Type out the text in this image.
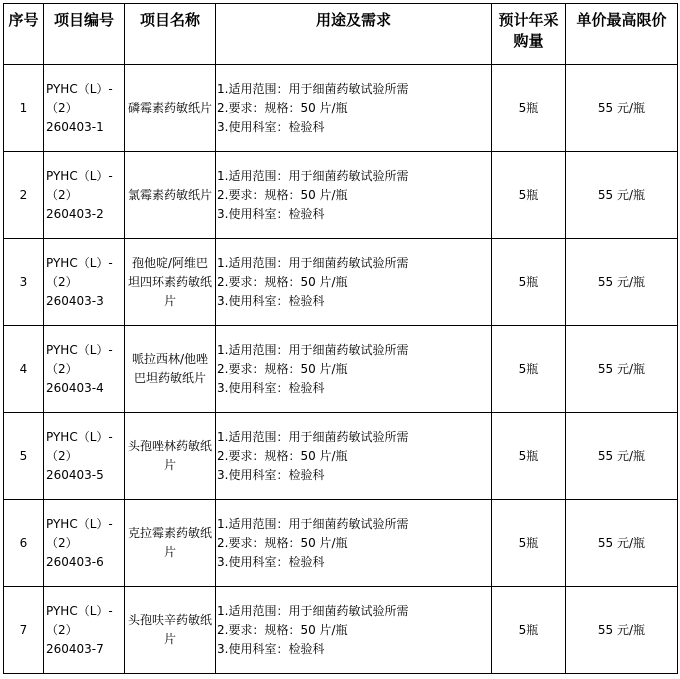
序号	项目编号	项目名称	用途及需求	预计年采购量	单价最高限价
1	PYHC（L）-
（2）
260403-1	磷霉素药敏纸片	1.适用范围：用于细菌药敏试验所需
2.要求：规格：50 片/瓶
3.使用科室：检验科	5瓶	55 元/瓶
2	PYHC（L）-
（2）
260403-2	氯霉素药敏纸片	1.适用范围：用于细菌药敏试验所需
2.要求：规格：50 片/瓶
3.使用科室：检验科	5瓶	55 元/瓶
3	PYHC（L）-
（2）
260403-3	孢他啶/阿维巴坦四环素药敏纸片	1.适用范围：用于细菌药敏试验所需
2.要求：规格：50 片/瓶
3.使用科室：检验科	5瓶	55 元/瓶
4	PYHC（L）-
（2）
260403-4	哌拉西林/他唑巴坦药敏纸片	1.适用范围：用于细菌药敏试验所需
2.要求：规格：50 片/瓶
3.使用科室：检验科	5瓶	55 元/瓶
5	PYHC（L）-
（2）
260403-5	头孢唑林药敏纸片	1.适用范围：用于细菌药敏试验所需
2.要求：规格：50 片/瓶
3.使用科室：检验科	5瓶	55 元/瓶
6	PYHC（L）-
（2）
260403-6	克拉霉素药敏纸片	1.适用范围：用于细菌药敏试验所需
2.要求：规格：50 片/瓶
3.使用科室：检验科	5瓶	55 元/瓶
7	PYHC（L）-
（2）
260403-7	头孢呋辛药敏纸片	1.适用范围：用于细菌药敏试验所需
2.要求：规格：50 片/瓶
3.使用科室：检验科	5瓶	55 元/瓶
